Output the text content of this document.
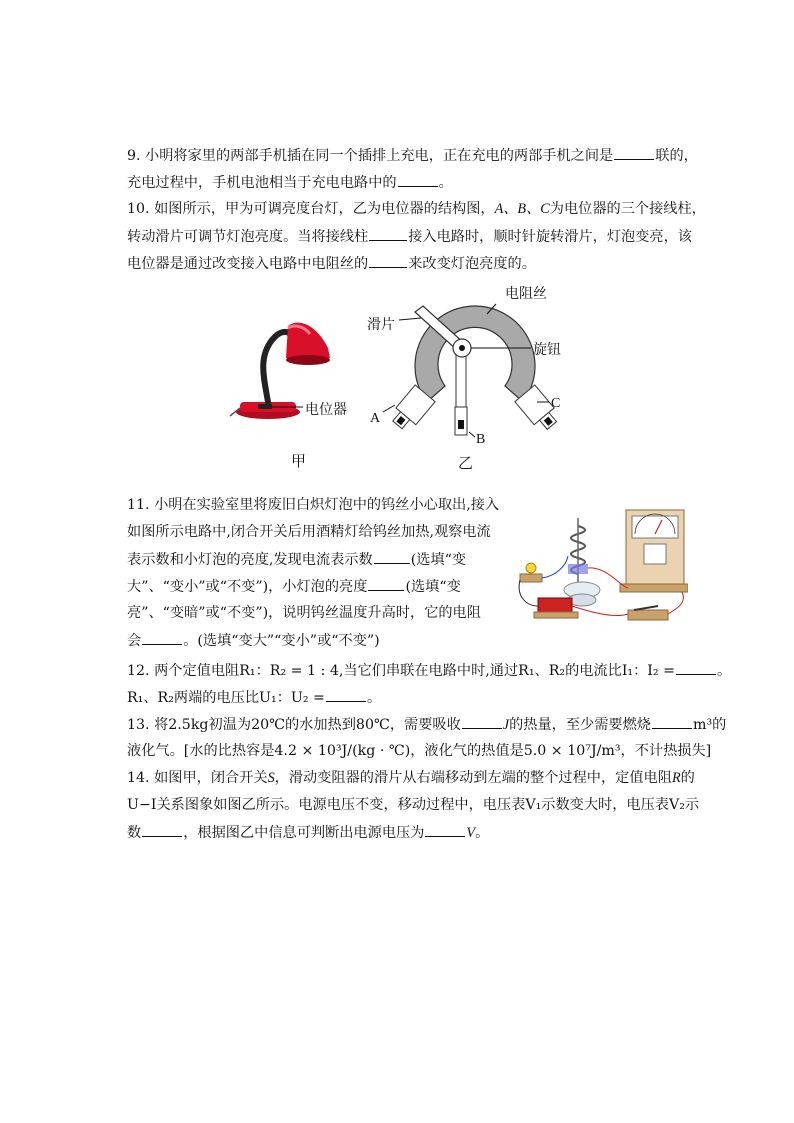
9. 小明将家里的两部手机插在同一个插排上充电，正在充电的两部手机之间是	联的，
充电过程中，手机电池相当于充电电路中的	。
10. 如图所示，甲为可调亮度台灯，乙为电位器的结构图，A、B、C为电位器的三个接线柱，
转动滑片可调节灯泡亮度。当将接线柱	接入电路时，顺时针旋转滑片，灯泡变亮，该
电位器是通过改变接入电路中电阻丝的	来改变灯泡亮度的。
电位器
甲
电阻丝
滑片
旋钮
A
B
C
乙
11. 小明在实验室里将废旧白炽灯泡中的钨丝小心取出,接入
如图所示电路中,闭合开关后用酒精灯给钨丝加热,观察电流
表示数和小灯泡的亮度,发现电流表示数	(选填“变
大”、“变小”或“不变”)，小灯泡的亮度	(选填“变
亮”、“变暗”或“不变”)，说明钨丝温度升高时，它的电阻
会	。(选填“变大”“变小”或“不变”)
12. 两个定值电阻R₁：R₂ = 1 : 4,当它们串联在电路中时,通过R₁、R₂的电流比I₁：I₂ =	。
R₁、R₂两端的电压比U₁：U₂ =	。
13. 将2.5kg初温为20℃的水加热到80℃，需要吸收	J的热量，至少需要燃烧	m³的
液化气。[水的比热容是4.2 × 10³J/(kg · ℃)，液化气的热值是5.0 × 10⁷J/m³，不计热损失]
14. 如图甲，闭合开关S，滑动变阻器的滑片从右端移动到左端的整个过程中，定值电阻R的
U−I关系图象如图乙所示。电源电压不变，移动过程中，电压表V₁示数变大时，电压表V₂示
数	，根据图乙中信息可判断出电源电压为	V。
